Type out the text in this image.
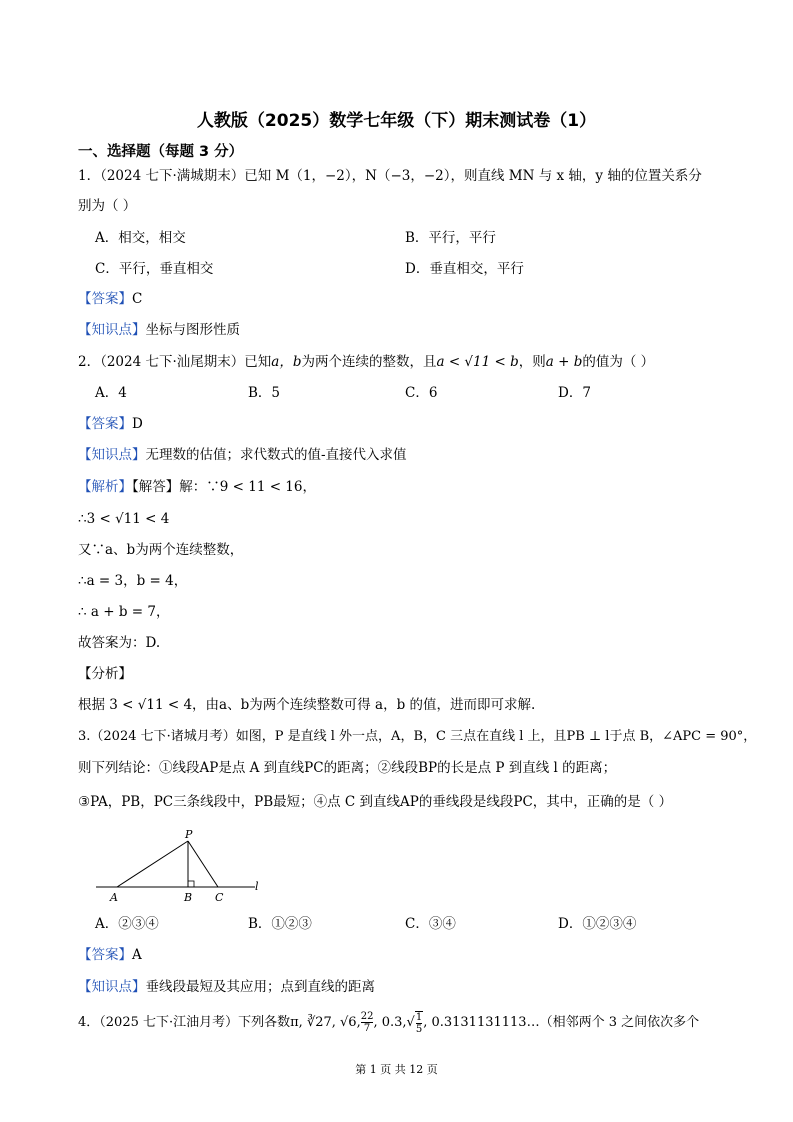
人教版（2025）数学七年级（下）期末测试卷（1）
一、选择题（每题 3 分）
1．（2024 七下·满城期末）已知 M（1，−2），N（−3，−2），则直线 MN 与 x 轴，y 轴的位置关系分
别为（ ）
A．相交，相交	B．平行，平行
C．平行，垂直相交	D．垂直相交，平行
【答案】C
【知识点】坐标与图形性质
2．（2024 七下·汕尾期末）已知a，b为两个连续的整数，且a < √11 < b，则a + b的值为（ ）
A．4	B．5	C．6	D．7
【答案】D
【知识点】无理数的估值；求代数式的值-直接代入求值
【解析】【解答】解：∵9 < 11 < 16，
∴3 < √11 < 4
又∵a、b为两个连续整数，
∴a = 3，b = 4，
∴ a + b = 7，
故答案为：D.
【分析】
根据 3 < √11 < 4，由a、b为两个连续整数可得 a，b 的值，进而即可求解.
3.（2024 七下·诸城月考）如图，P 是直线 l 外一点，A，B，C 三点在直线 l 上，且PB ⊥ l于点 B，∠APC = 90°，
则下列结论：①线段AP是点 A 到直线PC的距离；②线段BP的长是点 P 到直线 l 的距离；
③PA，PB，PC三条线段中，PB最短；④点 C 到直线AP的垂线段是线段PC，其中，正确的是（ ）
P
A	B C
l
A．②③④	B．①②③	C．③④	D．①②③④
【答案】A
【知识点】垂线段最短及其应用；点到直线的距离
4．（2025 七下·江油月考）下列各数π, ∛27, √6, $\frac{22}{7}$ , $0.3,√ \frac{1}{5}$ , 0.3131131113…（相邻两个 3 之间依次多个
第 1 页 共 12 页
